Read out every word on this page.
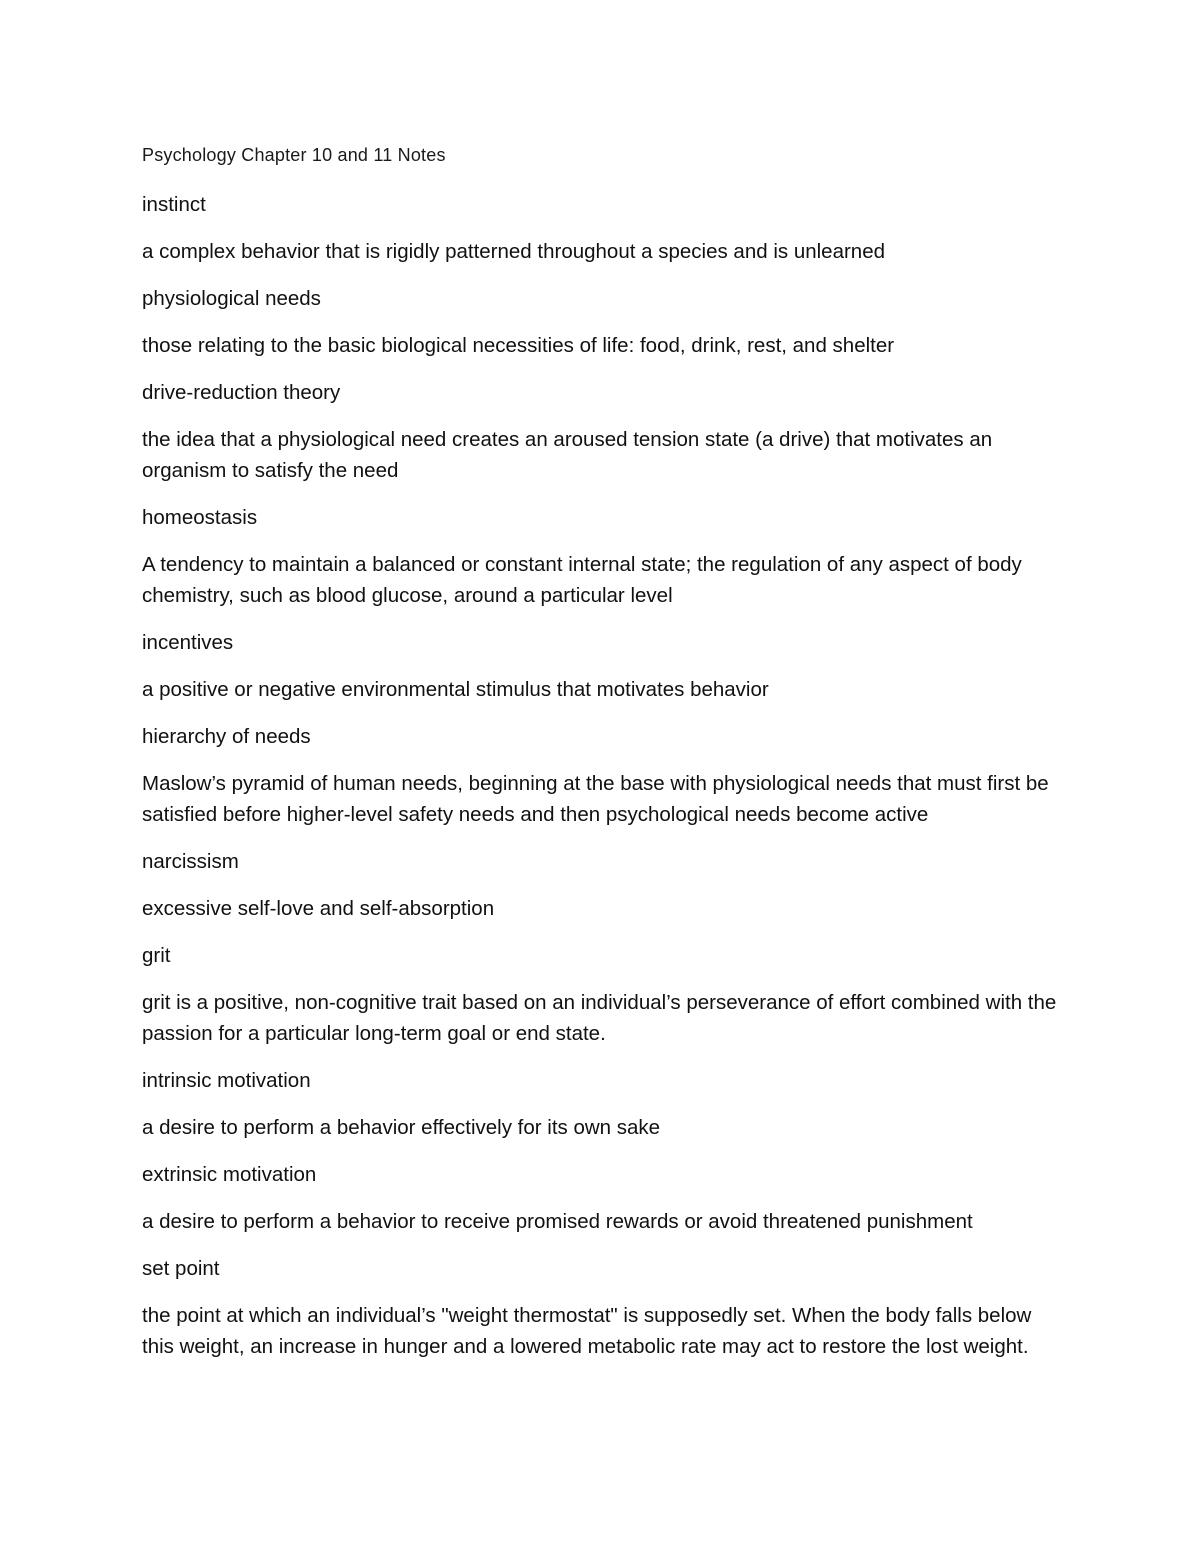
Psychology Chapter 10 and 11 Notes

instinct

a complex behavior that is rigidly patterned throughout a species and is unlearned

physiological needs

those relating to the basic biological necessities of life: food, drink, rest, and shelter

drive-reduction theory

the idea that a physiological need creates an aroused tension state (a drive) that motivates an organism to satisfy the need

homeostasis

A tendency to maintain a balanced or constant internal state; the regulation of any aspect of body chemistry, such as blood glucose, around a particular level

incentives

a positive or negative environmental stimulus that motivates behavior

hierarchy of needs

Maslow’s pyramid of human needs, beginning at the base with physiological needs that must first be satisfied before higher-level safety needs and then psychological needs become active

narcissism

excessive self-love and self-absorption

grit

grit is a positive, non-cognitive trait based on an individual’s perseverance of effort combined with the passion for a particular long-term goal or end state.

intrinsic motivation

a desire to perform a behavior effectively for its own sake

extrinsic motivation

a desire to perform a behavior to receive promised rewards or avoid threatened punishment

set point

the point at which an individual’s "weight thermostat" is supposedly set. When the body falls below this weight, an increase in hunger and a lowered metabolic rate may act to restore the lost weight.
